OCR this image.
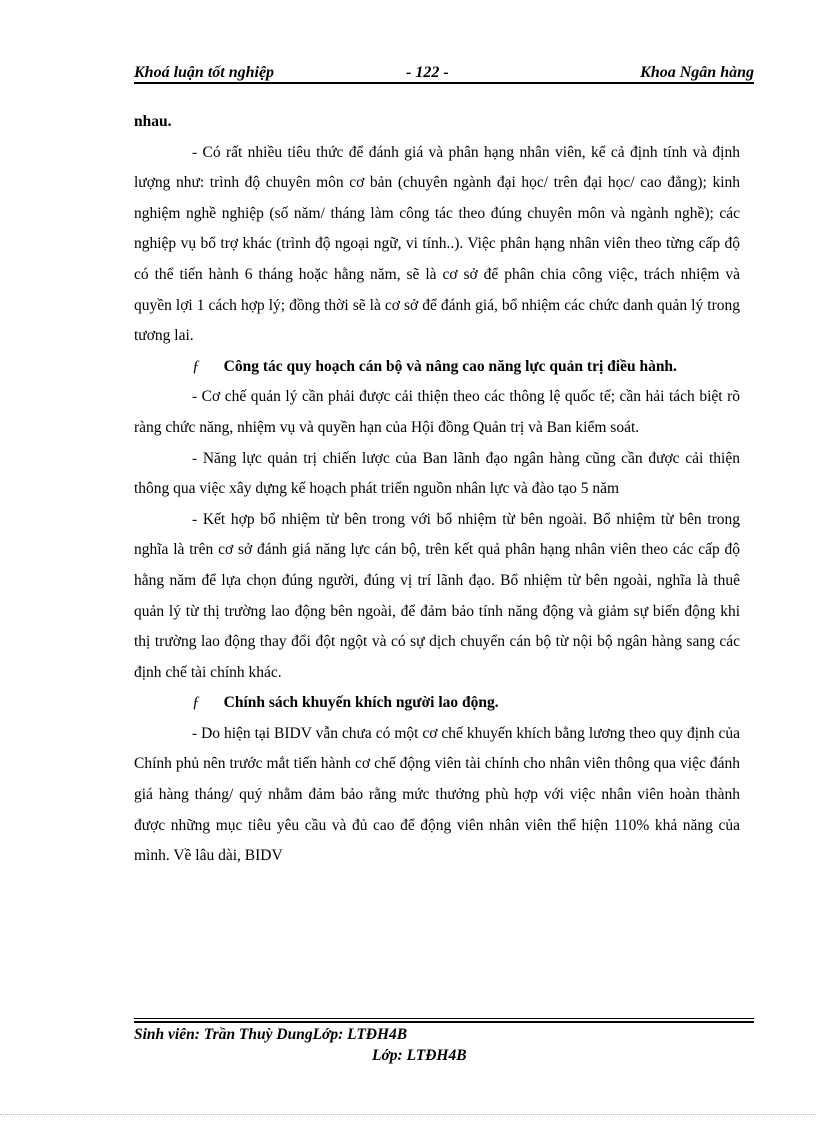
Khoá luận tốt nghiệp	- 122 -	Khoa Ngân hàng

nhau.

- Có rất nhiều tiêu thức để đánh giá và phân hạng nhân viên, kể cả định tính và định lượng như: trình độ chuyên môn cơ bản (chuyên ngành đại học/ trên đại học/ cao đẳng); kinh nghiệm nghề nghiệp (số năm/ tháng làm công tác theo đúng chuyên môn và ngành nghề); các nghiệp vụ bổ trợ khác (trình độ ngoại ngữ, vi tính..). Việc phân hạng nhân viên theo từng cấp độ có thể tiến hành 6 tháng hoặc hằng năm, sẽ là cơ sở để phân chia công việc, trách nhiệm và quyền lợi 1 cách hợp lý; đồng thời sẽ là cơ sở để đánh giá, bổ nhiệm các chức danh quản lý trong tương lai.

ƒ Công tác quy hoạch cán bộ và nâng cao năng lực quản trị điều hành.

- Cơ chế quản lý cần phải được cải thiện theo các thông lệ quốc tế; cần hải tách biệt rõ ràng chức năng, nhiệm vụ và quyền hạn của Hội đồng Quản trị và Ban kiểm soát.

- Năng lực quản trị chiến lược của Ban lãnh đạo ngân hàng cũng cần được cải thiện thông qua việc xây dựng kế hoạch phát triển nguồn nhân lực và đào tạo 5 năm

- Kết hợp bổ nhiệm từ bên trong với bổ nhiệm từ bên ngoài. Bổ nhiệm từ bên trong nghĩa là trên cơ sở đánh giá năng lực cán bộ, trên kết quả phân hạng nhân viên theo các cấp độ hằng năm để lựa chọn đúng người, đúng vị trí lãnh đạo. Bổ nhiệm từ bên ngoài, nghĩa là thuê quản lý từ thị trường lao động bên ngoài, để đảm bảo tính năng động và giảm sự biến động khi thị trường lao động thay đổi đột ngột và có sự dịch chuyển cán bộ từ nội bộ ngân hàng sang các định chế tài chính khác.

ƒ Chính sách khuyến khích người lao động.

- Do hiện tại BIDV vẫn chưa có một cơ chế khuyến khích bằng lương theo quy định của Chính phủ nên trước mắt tiến hành cơ chế động viên tài chính cho nhân viên thông qua việc đánh giá hàng tháng/ quý nhằm đảm bảo rằng mức thưởng phù hợp với việc nhân viên hoàn thành được những mục tiêu yêu cầu và đủ cao để động viên nhân viên thể hiện 110% khả năng của mình. Về lâu dài, BIDV

Sinh viên: Trần Thuỳ DungLớp: LTĐH4B
Lớp: LTĐH4B
